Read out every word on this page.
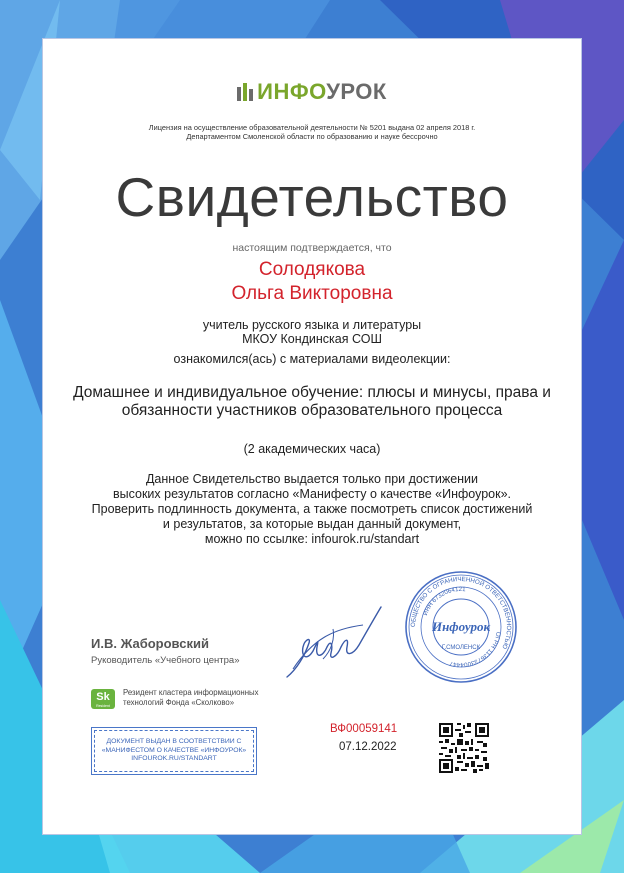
ИНФОУРОК
Лицензия на осуществление образовательной деятельности № 5201 выдана 02 апреля 2018 г.
Департаментом Смоленской области по образованию и науке бессрочно
Свидетельство
настоящим подтверждается, что
Солодякова
Ольга Викторовна
учитель русского языка и литературы
МКОУ Кондинская СОШ
ознакомился(ась) с материалами видеолекции:
Домашнее и индивидуальное обучение: плюсы и минусы, права и
обязанности участников образовательного процесса
(2 академических часа)
Данное Свидетельство выдается только при достижении
высоких результатов согласно «Манифесту о качестве «Инфоурок».
Проверить подлинность документа, а также посмотреть список достижений
и результатов, за которые выдан данный документ,
можно по ссылке: infourok.ru/standart
И.В. Жаборовский
Руководитель «Учебного центра»
ОБЩЕСТВО С ОГРАНИЧЕННОЙ ОТВЕТСТВЕННОСТЬЮ
ИНН 6732064121
ОГРН 1136733004447
Инфоурок
Г.СМОЛЕНСК
Sk
Resident
Резидент кластера информационных
технологий Фонда «Сколково»
ДОКУМЕНТ ВЫДАН В СООТВЕТСТВИИ С
«МАНИФЕСТОМ О КАЧЕСТВЕ «ИНФОУРОК»
INFOUROK.RU/STANDART
ВФ00059141
07.12.2022
